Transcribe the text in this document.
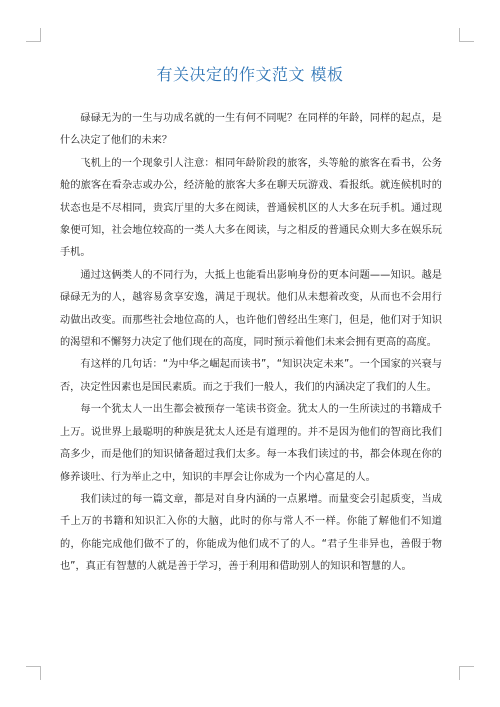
有关决定的作文范文 模板

碌碌无为的一生与功成名就的一生有何不同呢？在同样的年龄，同样的起点，是什么决定了他们的未来？

飞机上的一个现象引人注意：相同年龄阶段的旅客，头等舱的旅客在看书，公务舱的旅客在看杂志或办公，经济舱的旅客大多在聊天玩游戏、看报纸。就连候机时的状态也是不尽相同，贵宾厅里的大多在阅读，普通候机区的人大多在玩手机。通过现象便可知，社会地位较高的一类人大多在阅读，与之相反的普通民众则大多在娱乐玩手机。

通过这俩类人的不同行为，大抵上也能看出影响身份的更本问题——知识。越是碌碌无为的人，越容易贪享安逸，满足于现状。他们从未想着改变，从而也不会用行动做出改变。而那些社会地位高的人，也许他们曾经出生寒门，但是，他们对于知识的渴望和不懈努力决定了他们现在的高度，同时预示着他们未来会拥有更高的高度。

有这样的几句话：“为中华之崛起而读书”，“知识决定未来”。一个国家的兴衰与否，决定性因素也是国民素质。而之于我们一般人，我们的内涵决定了我们的人生。

每一个犹太人一出生都会被预存一笔读书资金。犹太人的一生所读过的书籍成千上万。说世界上最聪明的种族是犹太人还是有道理的。并不是因为他们的智商比我们高多少，而是他们的知识储备超过我们太多。每一本我们读过的书，都会体现在你的修养谈吐、行为举止之中，知识的丰厚会让你成为一个内心富足的人。

我们读过的每一篇文章，都是对自身内涵的一点累增。而量变会引起质变，当成千上万的书籍和知识汇入你的大脑，此时的你与常人不一样。你能了解他们不知道的，你能完成他们做不了的，你能成为他们成不了的人。“君子生非异也，善假于物也”，真正有智慧的人就是善于学习，善于利用和借助别人的知识和智慧的人。
